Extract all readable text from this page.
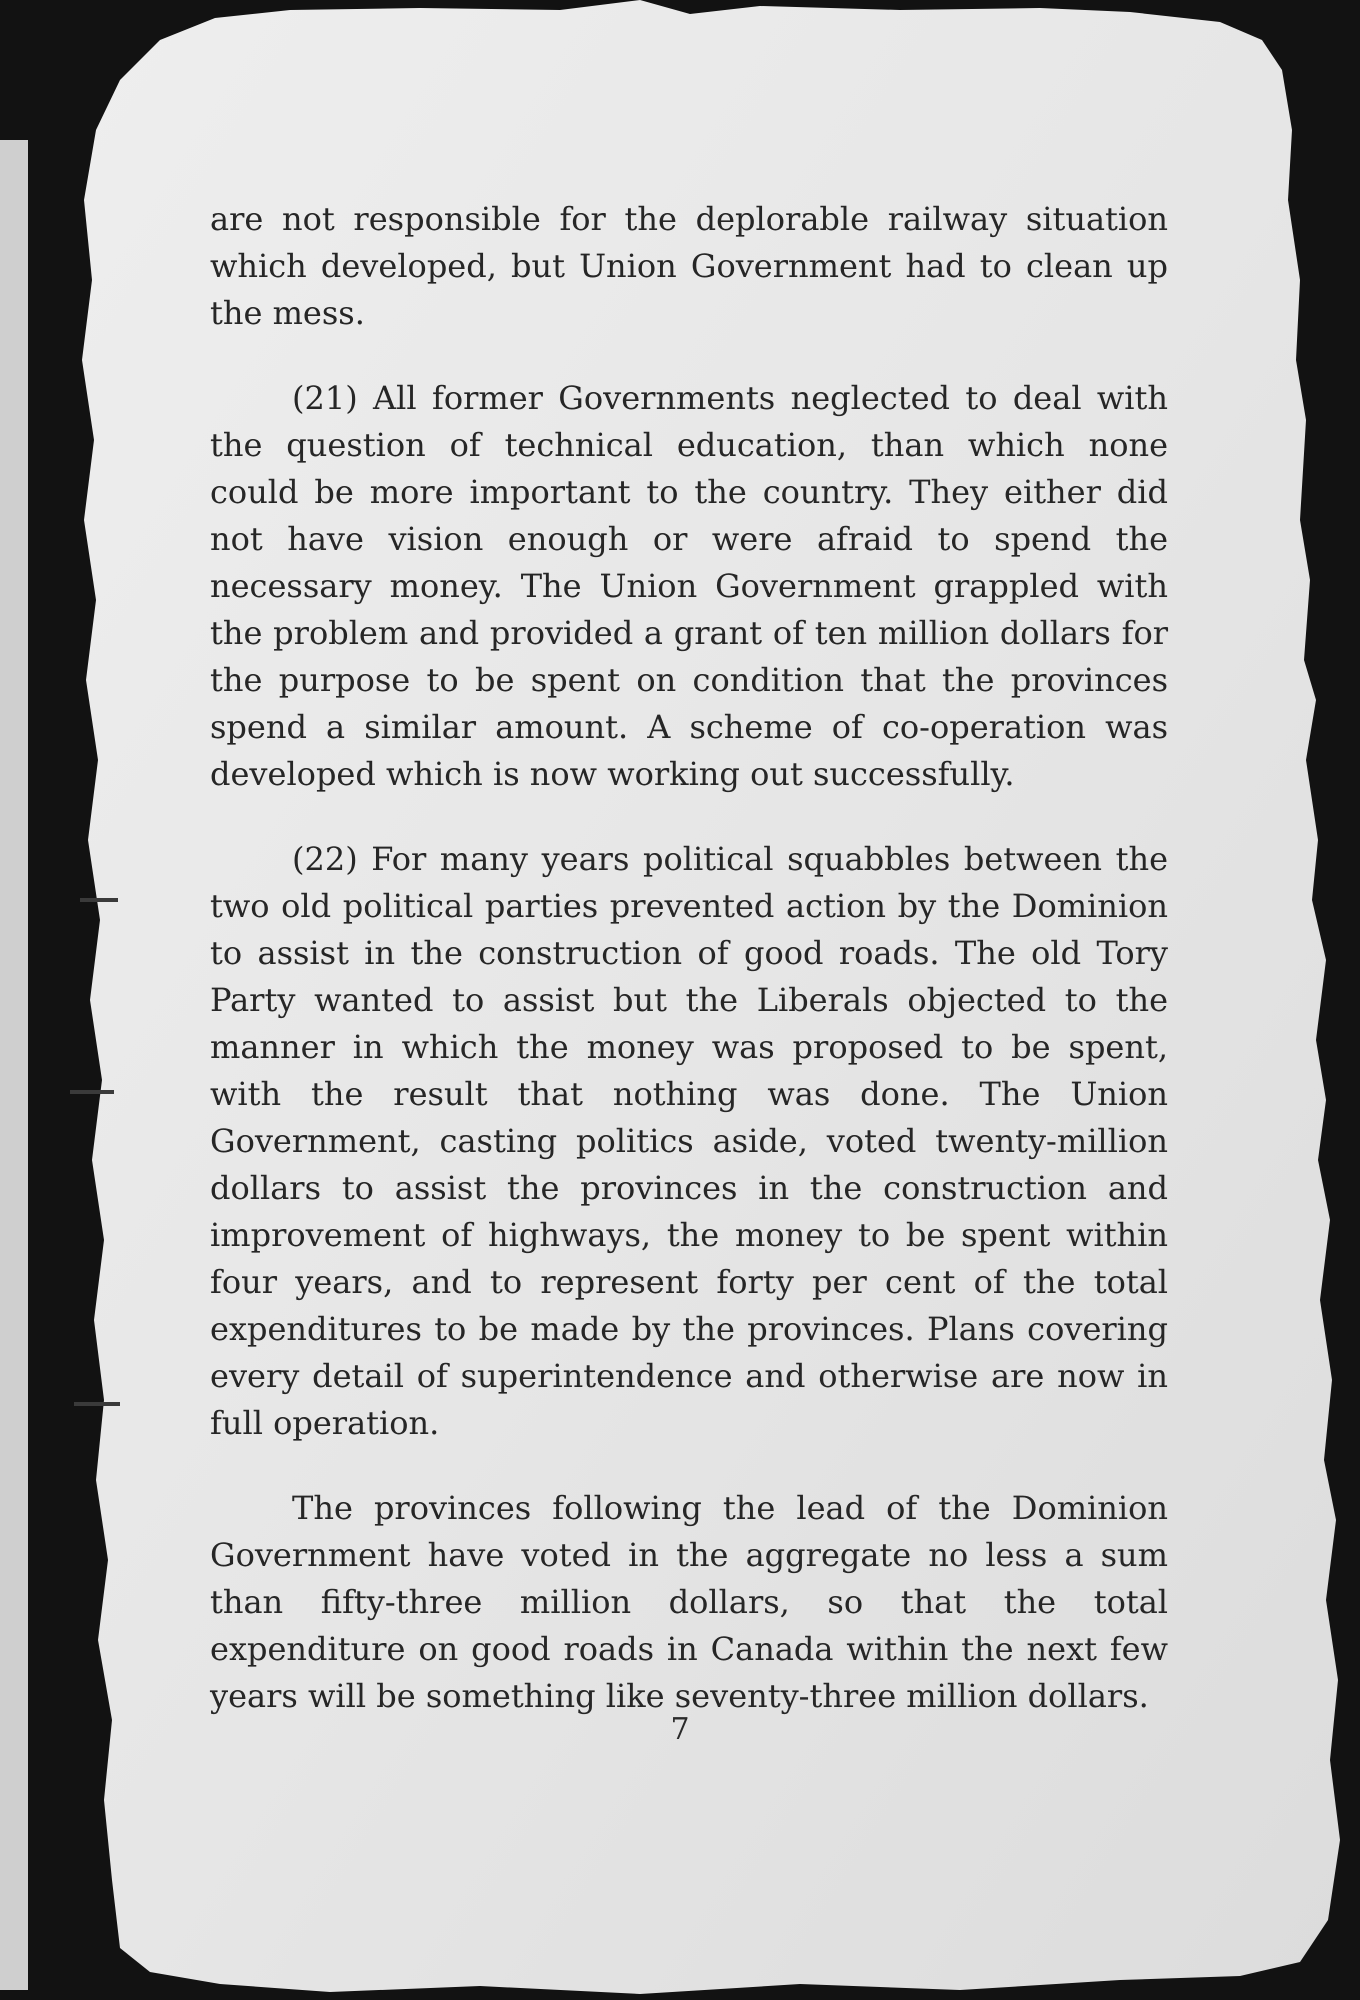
are not responsible for the deplorable railway situation which developed, but Union Government had to clean up the mess.

(21) All former Governments neglected to deal with the question of technical education, than which none could be more important to the country. They either did not have vision enough or were afraid to spend the necessary money. The Union Government grappled with the problem and provided a grant of ten million dollars for the purpose to be spent on condition that the provinces spend a similar amount. A scheme of co-operation was developed which is now working out successfully.

(22) For many years political squabbles between the two old political parties prevented action by the Dominion to assist in the construction of good roads. The old Tory Party wanted to assist but the Liberals objected to the manner in which the money was proposed to be spent, with the result that nothing was done. The Union Government, casting politics aside, voted twenty-million dollars to assist the provinces in the construction and improvement of highways, the money to be spent within four years, and to represent forty per cent of the total expenditures to be made by the provinces. Plans covering every detail of superintendence and otherwise are now in full operation.

The provinces following the lead of the Dominion Government have voted in the aggregate no less a sum than fifty-three million dollars, so that the total expenditure on good roads in Canada within the next few years will be something like seventy-three million dollars.

7
